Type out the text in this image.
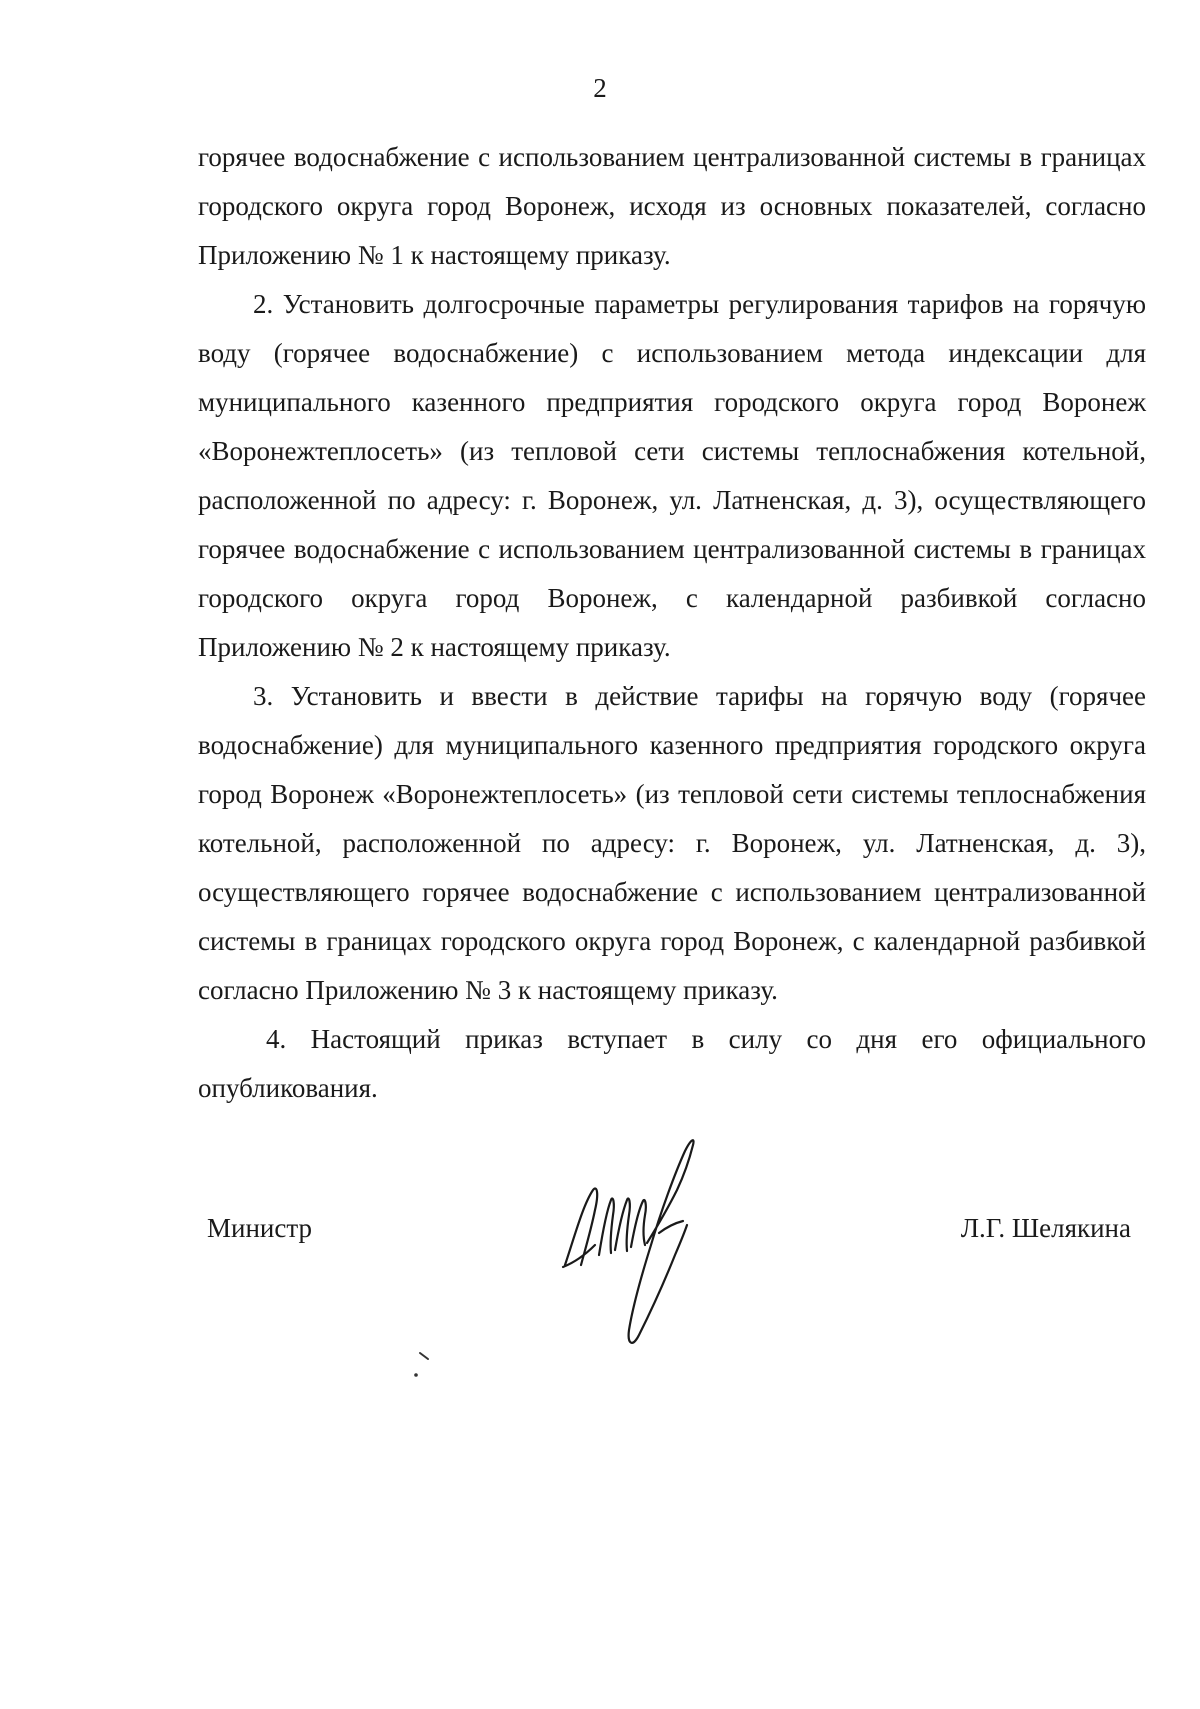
2

горячее водоснабжение с использованием централизованной системы в границах городского округа город Воронеж, исходя из основных показателей, согласно Приложению № 1 к настоящему приказу.

2. Установить долгосрочные параметры регулирования тарифов на горячую воду (горячее водоснабжение) с использованием метода индексации для муниципального казенного предприятия городского округа город Воронеж «Воронежтеплосеть» (из тепловой сети системы теплоснабжения котельной, расположенной по адресу: г. Воронеж, ул. Латненская, д. 3), осуществляющего горячее водоснабжение с использованием централизованной системы в границах городского округа город Воронеж, с календарной разбивкой согласно Приложению № 2 к настоящему приказу.

3. Установить и ввести в действие тарифы на горячую воду (горячее водоснабжение) для муниципального казенного предприятия городского округа город Воронеж «Воронежтеплосеть» (из тепловой сети системы теплоснабжения котельной, расположенной по адресу: г. Воронеж, ул. Латненская, д. 3), осуществляющего горячее водоснабжение с использованием централизованной системы в границах городского округа город Воронеж, с календарной разбивкой согласно Приложению № 3 к настоящему приказу.

4. Настоящий приказ вступает в силу со дня его официального опубликования.

Министр	Л.Г. Шелякина
